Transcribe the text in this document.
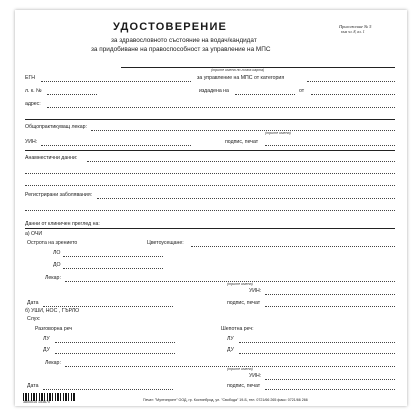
УДОСТОВЕРЕНИЕ	Приложение № 5
към чл. 8, ал. 1
за здравословното състояние на водач/кандидат
за придобиване на правоспособност за управление на МПС
(трите имена по лична карта)
ЕГН	за управление на МПС от категория
л. к. №	издадена на	от
адрес:
Общопрактикуващ лекар:
(трите имена)
УИН:	подпис, печат
Анамнестични данни:
Регистрирани заболявания:
Данни от клиничен преглед на:
а) ОЧИ
Острота на зрението	Цветоусещане:
ЛО
ДО
Лекар:
(трите имена)
УИН:
Дата	подпис, печат
б) УШИ, НОС , ГЪРЛО
Слух:
Разговорна реч	Шепотна реч:
ЛУ	ЛУ
ДУ	ДУ
Лекар:
(трите имена)
УИН:
Дата	подпис, печат
3800015 153670	Печат: "Мултипринт" ООД, гр. Костинброд, ул. "Свобода" 19-Б, тел. 0721/66 265 факс: 0721/66 266
